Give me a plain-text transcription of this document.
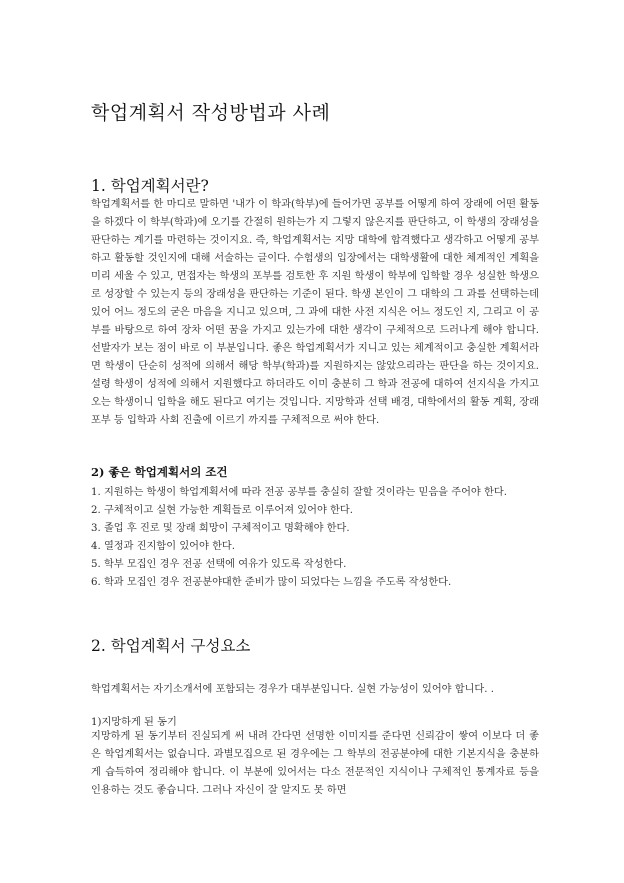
학업계획서 작성방법과 사례
1. 학업계획서란?

학업계획서를 한 마디로 말하면 '내가 이 학과(학부)에 들어가면 공부를 어떻게 하여 장래에 어떤 활동을 하겠다 이 학부(학과)에 오기를 간절히 원하는가 지 그렇지 않은지를 판단하고, 이 학생의 장래성을 판단하는 계기를 마련하는 것이지요. 즉, 학업계획서는 지망 대학에 합격했다고 생각하고 어떻게 공부하고 활동할 것인지에 대해 서술하는 글이다. 수험생의 입장에서는 대학생활에 대한 체계적인 계획을 미리 세울 수 있고, 면접자는 학생의 포부를 검토한 후 지원 학생이 학부에 입학할 경우 성실한 학생으로 성장할 수 있는지 등의 장래성을 판단하는 기준이 된다. 학생 본인이 그 대학의 그 과를 선택하는데 있어 어느 정도의 굳은 마음을 지니고 있으며, 그 과에 대한 사전 지식은 어느 정도인 지, 그리고 이 공부를 바탕으로 하여 장차 어떤 꿈을 가지고 있는가에 대한 생각이 구체적으로 드러나게 해야 합니다. 선발자가 보는 점이 바로 이 부분입니다. 좋은 학업계획서가 지니고 있는 체계적이고 충실한 계획서라면 학생이 단순히 성적에 의해서 해당 학부(학과)를 지원하지는 않았으리라는 판단을 하는 것이지요. 설령 학생이 성적에 의해서 지원했다고 하더라도 이미 충분히 그 학과 전공에 대하여 선지식을 가지고 오는 학생이니 입학을 해도 된다고 여기는 것입니다. 지망학과 선택 배경, 대학에서의 활동 계획, 장래포부 등 입학과 사회 진출에 이르기 까지를 구체적으로 써야 한다.

2) 좋은 학업계획서의 조건
1. 지원하는 학생이 학업계획서에 따라 전공 공부를 충실히 잘할 것이라는 믿음을 주어야 한다.
2. 구체적이고 실현 가능한 계획들로 이루어져 있어야 한다.
3. 졸업 후 진로 및 장래 희망이 구체적이고 명확해야 한다.
4. 열정과 진지함이 있어야 한다.
5. 학부 모집인 경우 전공 선택에 여유가 있도록 작성한다.
6. 학과 모집인 경우 전공분야대한 준비가 많이 되었다는 느낌을 주도록 작성한다.
2. 학업계획서 구성요소
학업계획서는 자기소개서에 포함되는 경우가 대부분입니다. 실현 가능성이 있어야 합니다. .
1)지망하게 된 동기

지망하게 된 동기부터 진실되게 써 내려 간다면 선명한 이미지를 준다면 신뢰감이 쌓여 이보다 더 좋은 학업계획서는 없습니다. 과별모집으로 된 경우에는 그 학부의 전공분야에 대한 기본지식을 충분하게 습득하여 정리해야 합니다. 이 부분에 있어서는 다소 전문적인 지식이나 구체적인 통계자료 등을 인용하는 것도 좋습니다. 그러나 자신이 잘 알지도 못 하면
